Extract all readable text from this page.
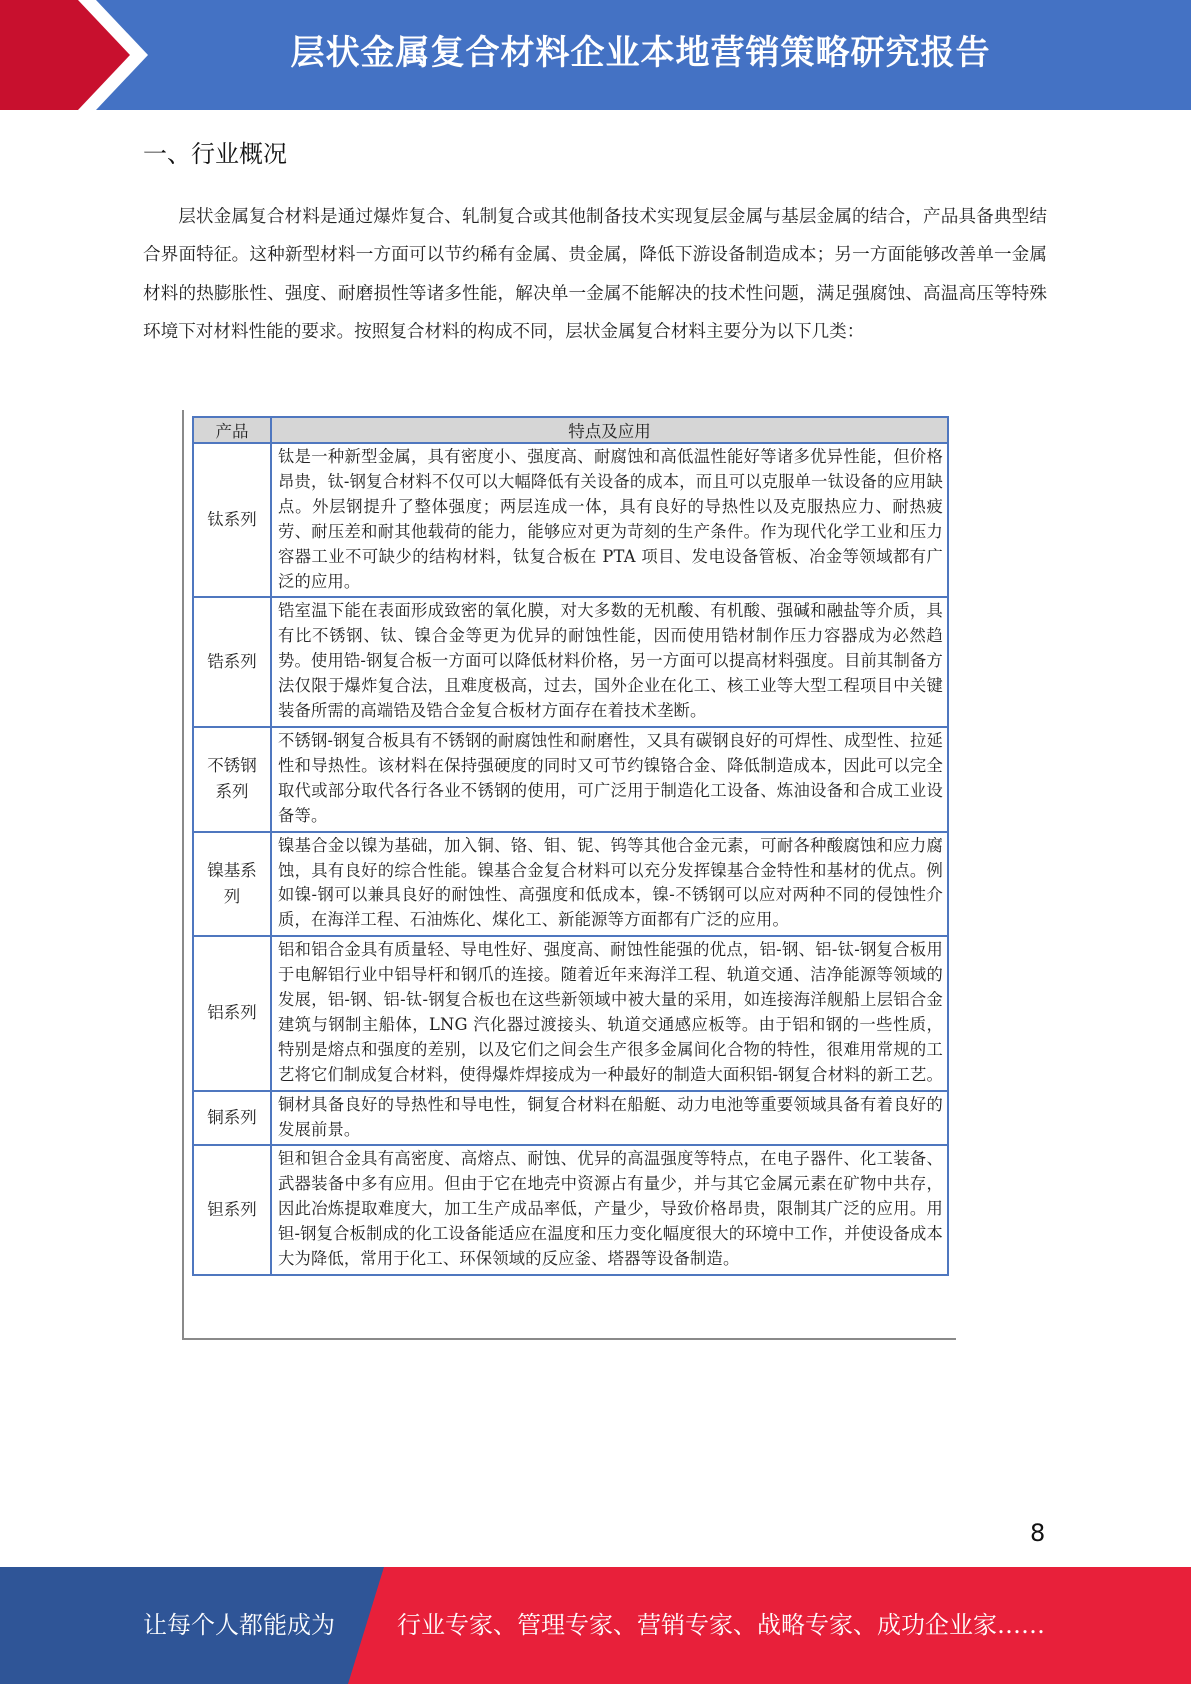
层状金属复合材料企业本地营销策略研究报告
一、行业概况
层状金属复合材料是通过爆炸复合、轧制复合或其他制备技术实现复层金属与基层金属的结合，产品具备典型结合界面特征。这种新型材料一方面可以节约稀有金属、贵金属，降低下游设备制造成本；另一方面能够改善单一金属材料的热膨胀性、强度、耐磨损性等诸多性能，解决单一金属不能解决的技术性问题，满足强腐蚀、高温高压等特殊环境下对材料性能的要求。按照复合材料的构成不同，层状金属复合材料主要分为以下几类：
产品	特点及应用
钛系列	钛是一种新型金属，具有密度小、强度高、耐腐蚀和高低温性能好等诸多优异性能，但价格昂贵，钛-钢复合材料不仅可以大幅降低有关设备的成本，而且可以克服单一钛设备的应用缺点。外层钢提升了整体强度；两层连成一体，具有良好的导热性以及克服热应力、耐热疲劳、耐压差和耐其他载荷的能力，能够应对更为苛刻的生产条件。作为现代化学工业和压力容器工业不可缺少的结构材料，钛复合板在 PTA 项目、发电设备管板、冶金等领域都有广泛的应用。
锆系列	锆室温下能在表面形成致密的氧化膜，对大多数的无机酸、有机酸、强碱和融盐等介质，具有比不锈钢、钛、镍合金等更为优异的耐蚀性能，因而使用锆材制作压力容器成为必然趋势。使用锆-钢复合板一方面可以降低材料价格，另一方面可以提高材料强度。目前其制备方法仅限于爆炸复合法，且难度极高，过去，国外企业在化工、核工业等大型工程项目中关键装备所需的高端锆及锆合金复合板材方面存在着技术垄断。
不锈钢系列	不锈钢-钢复合板具有不锈钢的耐腐蚀性和耐磨性，又具有碳钢良好的可焊性、成型性、拉延性和导热性。该材料在保持强硬度的同时又可节约镍铬合金、降低制造成本，因此可以完全取代或部分取代各行各业不锈钢的使用，可广泛用于制造化工设备、炼油设备和合成工业设备等。
镍基系列	镍基合金以镍为基础，加入铜、铬、钼、铌、钨等其他合金元素，可耐各种酸腐蚀和应力腐蚀，具有良好的综合性能。镍基合金复合材料可以充分发挥镍基合金特性和基材的优点。例如镍-钢可以兼具良好的耐蚀性、高强度和低成本，镍-不锈钢可以应对两种不同的侵蚀性介质，在海洋工程、石油炼化、煤化工、新能源等方面都有广泛的应用。
铝系列	铝和铝合金具有质量轻、导电性好、强度高、耐蚀性能强的优点，铝-钢、铝-钛-钢复合板用于电解铝行业中铝导杆和钢爪的连接。随着近年来海洋工程、轨道交通、洁净能源等领域的发展，铝-钢、铝-钛-钢复合板也在这些新领域中被大量的采用，如连接海洋舰船上层铝合金建筑与钢制主船体，LNG 汽化器过渡接头、轨道交通感应板等。由于铝和钢的一些性质，特别是熔点和强度的差别，以及它们之间会生产很多金属间化合物的特性，很难用常规的工艺将它们制成复合材料，使得爆炸焊接成为一种最好的制造大面积铝-钢复合材料的新工艺。
铜系列	铜材具备良好的导热性和导电性，铜复合材料在船艇、动力电池等重要领域具备有着良好的发展前景。
钽系列	钽和钽合金具有高密度、高熔点、耐蚀、优异的高温强度等特点，在电子器件、化工装备、武器装备中多有应用。但由于它在地壳中资源占有量少，并与其它金属元素在矿物中共存，因此冶炼提取难度大，加工生产成品率低，产量少，导致价格昂贵，限制其广泛的应用。用钽-钢复合板制成的化工设备能适应在温度和压力变化幅度很大的环境中工作，并使设备成本大为降低，常用于化工、环保领域的反应釜、塔器等设备制造。
8
让每个人都能成为	行业专家、管理专家、营销专家、战略专家、成功企业家……
